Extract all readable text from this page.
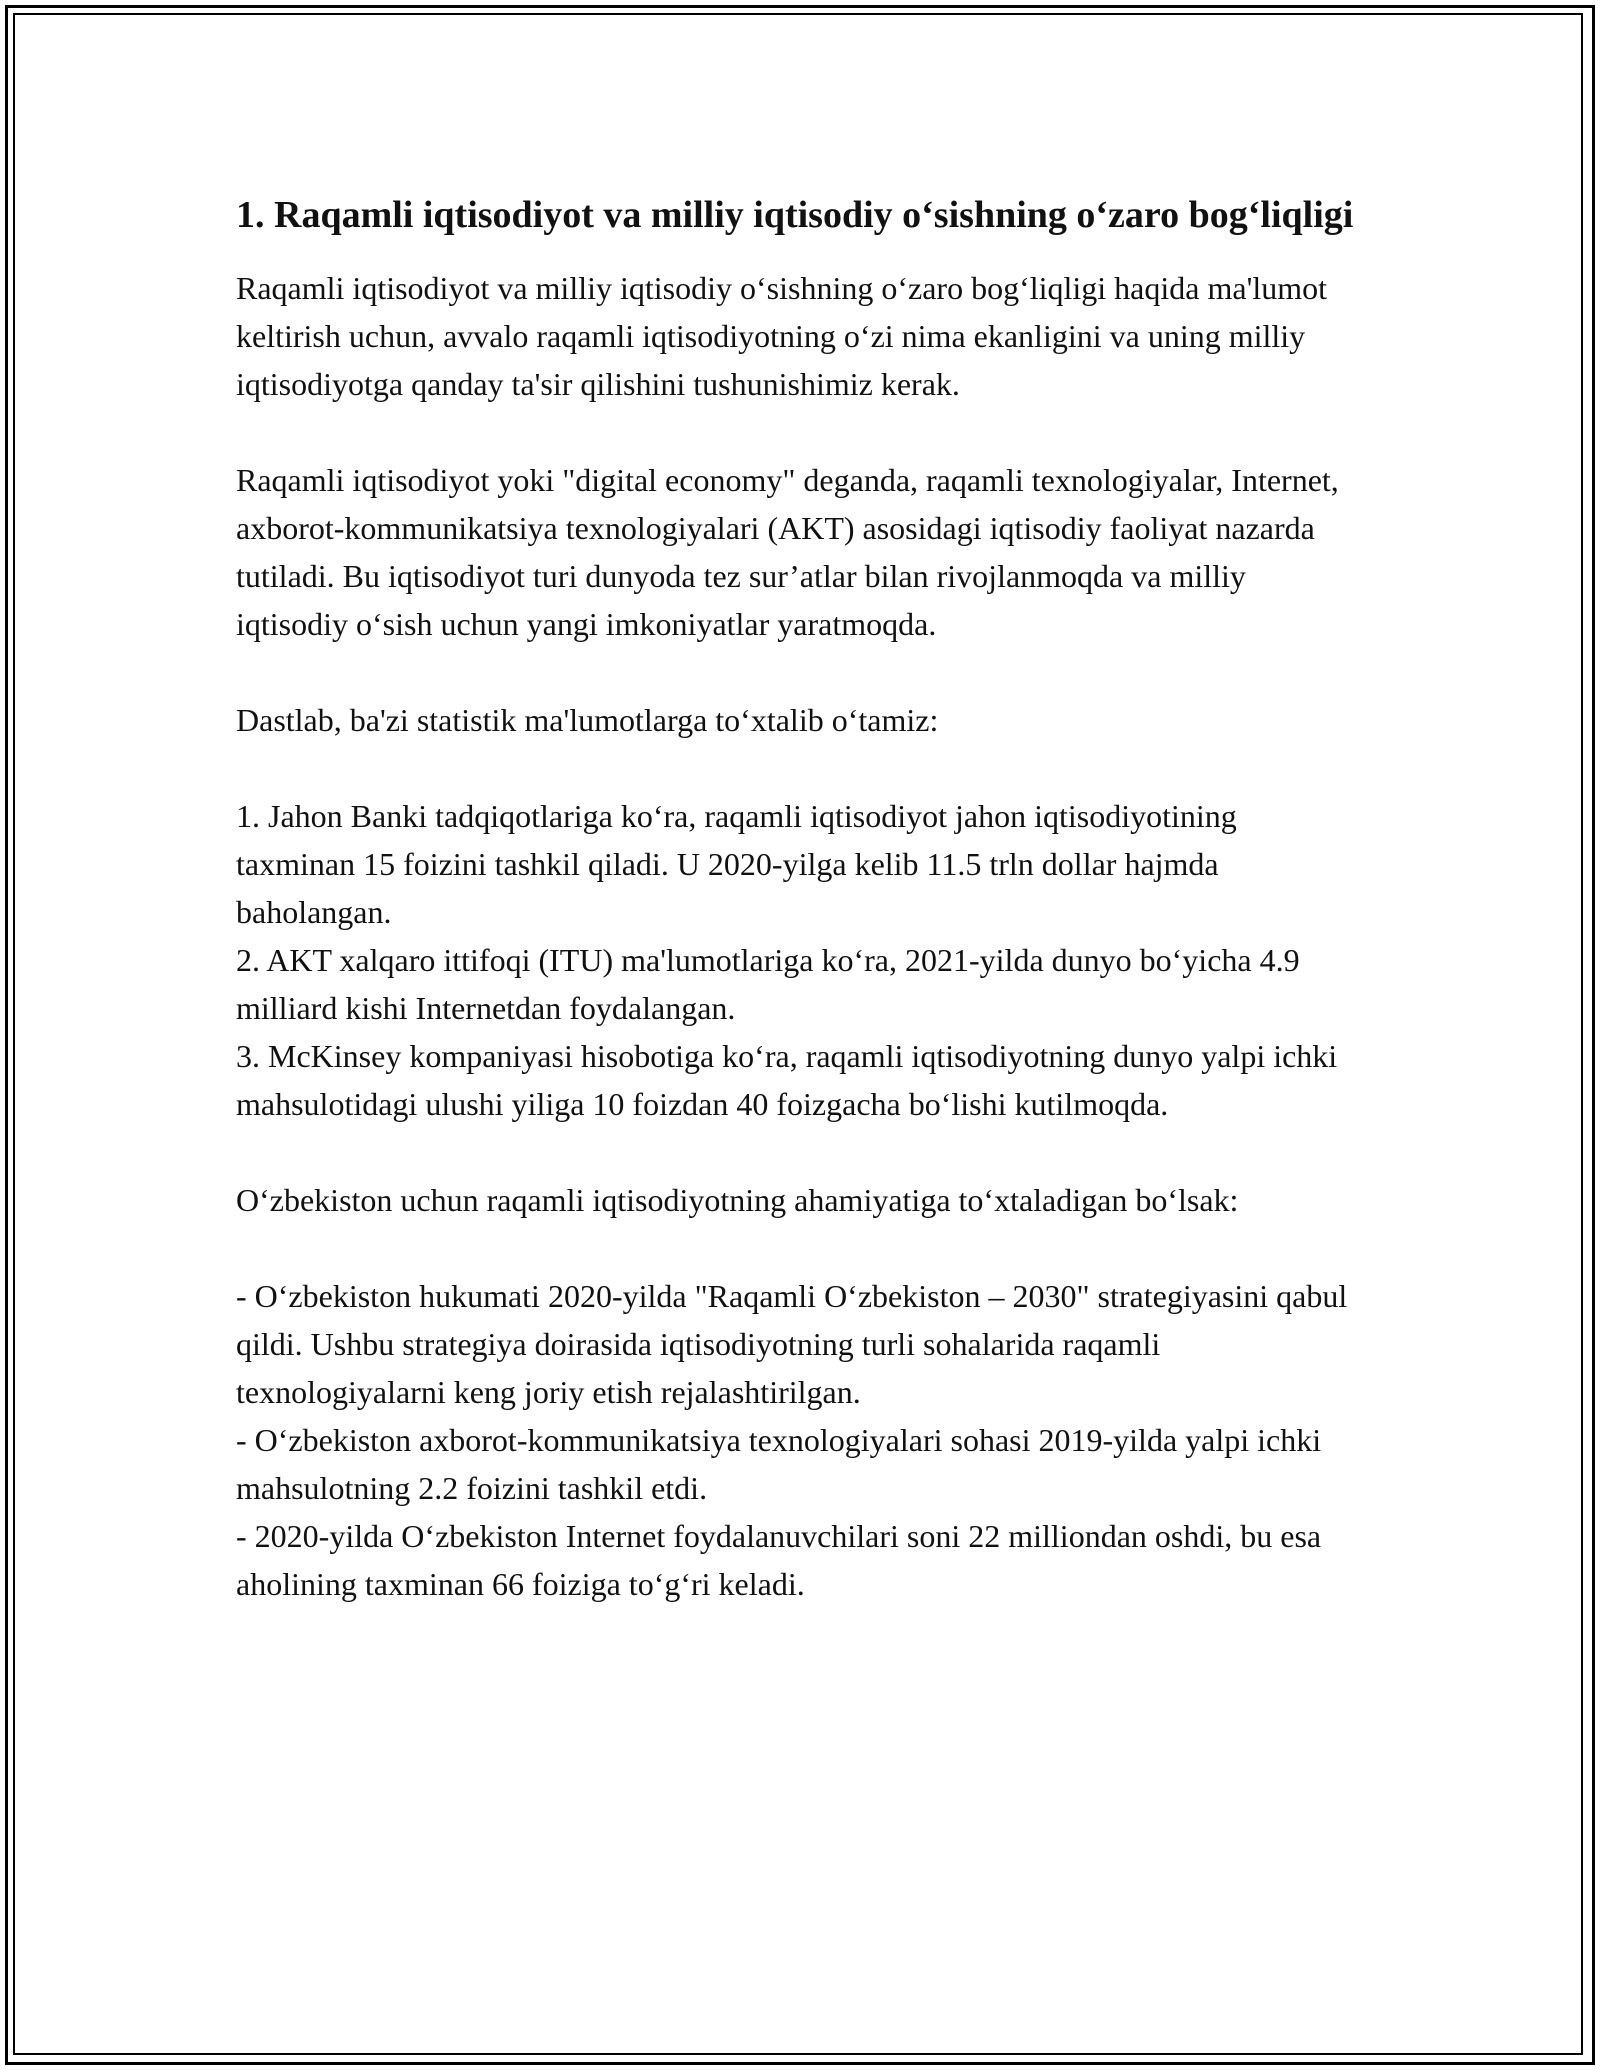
1. Raqamli iqtisodiyot va milliy iqtisodiy o‘sishning o‘zaro bog‘liqligi

Raqamli iqtisodiyot va milliy iqtisodiy o‘sishning o‘zaro bog‘liqligi haqida ma'lumot keltirish uchun, avvalo raqamli iqtisodiyotning o‘zi nima ekanligini va uning milliy iqtisodiyotga qanday ta'sir qilishini tushunishimiz kerak.

Raqamli iqtisodiyot yoki "digital economy" deganda, raqamli texnologiyalar, Internet, axborot-kommunikatsiya texnologiyalari (AKT) asosidagi iqtisodiy faoliyat nazarda tutiladi. Bu iqtisodiyot turi dunyoda tez sur’atlar bilan rivojlanmoqda va milliy iqtisodiy o‘sish uchun yangi imkoniyatlar yaratmoqda.

Dastlab, ba'zi statistik ma'lumotlarga to‘xtalib o‘tamiz:

1. Jahon Banki tadqiqotlariga ko‘ra, raqamli iqtisodiyot jahon iqtisodiyotining taxminan 15 foizini tashkil qiladi. U 2020-yilga kelib 11.5 trln dollar hajmda baholangan.

2. AKT xalqaro ittifoqi (ITU) ma'lumotlariga ko‘ra, 2021-yilda dunyo bo‘yicha 4.9 milliard kishi Internetdan foydalangan.

3. McKinsey kompaniyasi hisobotiga ko‘ra, raqamli iqtisodiyotning dunyo yalpi ichki mahsulotidagi ulushi yiliga 10 foizdan 40 foizgacha bo‘lishi kutilmoqda.

O‘zbekiston uchun raqamli iqtisodiyotning ahamiyatiga to‘xtaladigan bo‘lsak:

- O‘zbekiston hukumati 2020-yilda "Raqamli O‘zbekiston – 2030" strategiyasini qabul qildi. Ushbu strategiya doirasida iqtisodiyotning turli sohalarida raqamli texnologiyalarni keng joriy etish rejalashtirilgan.

- O‘zbekiston axborot-kommunikatsiya texnologiyalari sohasi 2019-yilda yalpi ichki mahsulotning 2.2 foizini tashkil etdi.

- 2020-yilda O‘zbekiston Internet foydalanuvchilari soni 22 milliondan oshdi, bu esa aholining taxminan 66 foiziga to‘g‘ri keladi.
